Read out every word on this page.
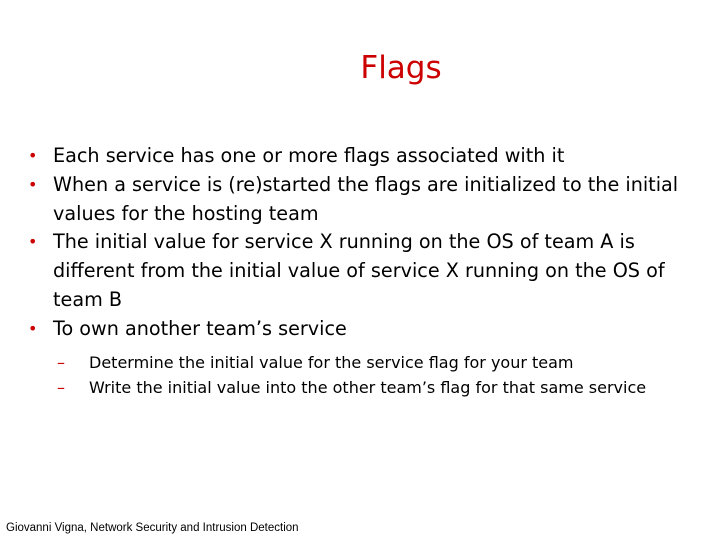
Flags
• Each service has one or more flags associated with it
• When a service is (re)started the flags are initialized to the initial values for the hosting team
• The initial value for service X running on the OS of team A is different from the initial value of service X running on the OS of team B
• To own another team’s service
– Determine the initial value for the service flag for your team
– Write the initial value into the other team’s flag for that same service
Giovanni Vigna, Network Security and Intrusion Detection
